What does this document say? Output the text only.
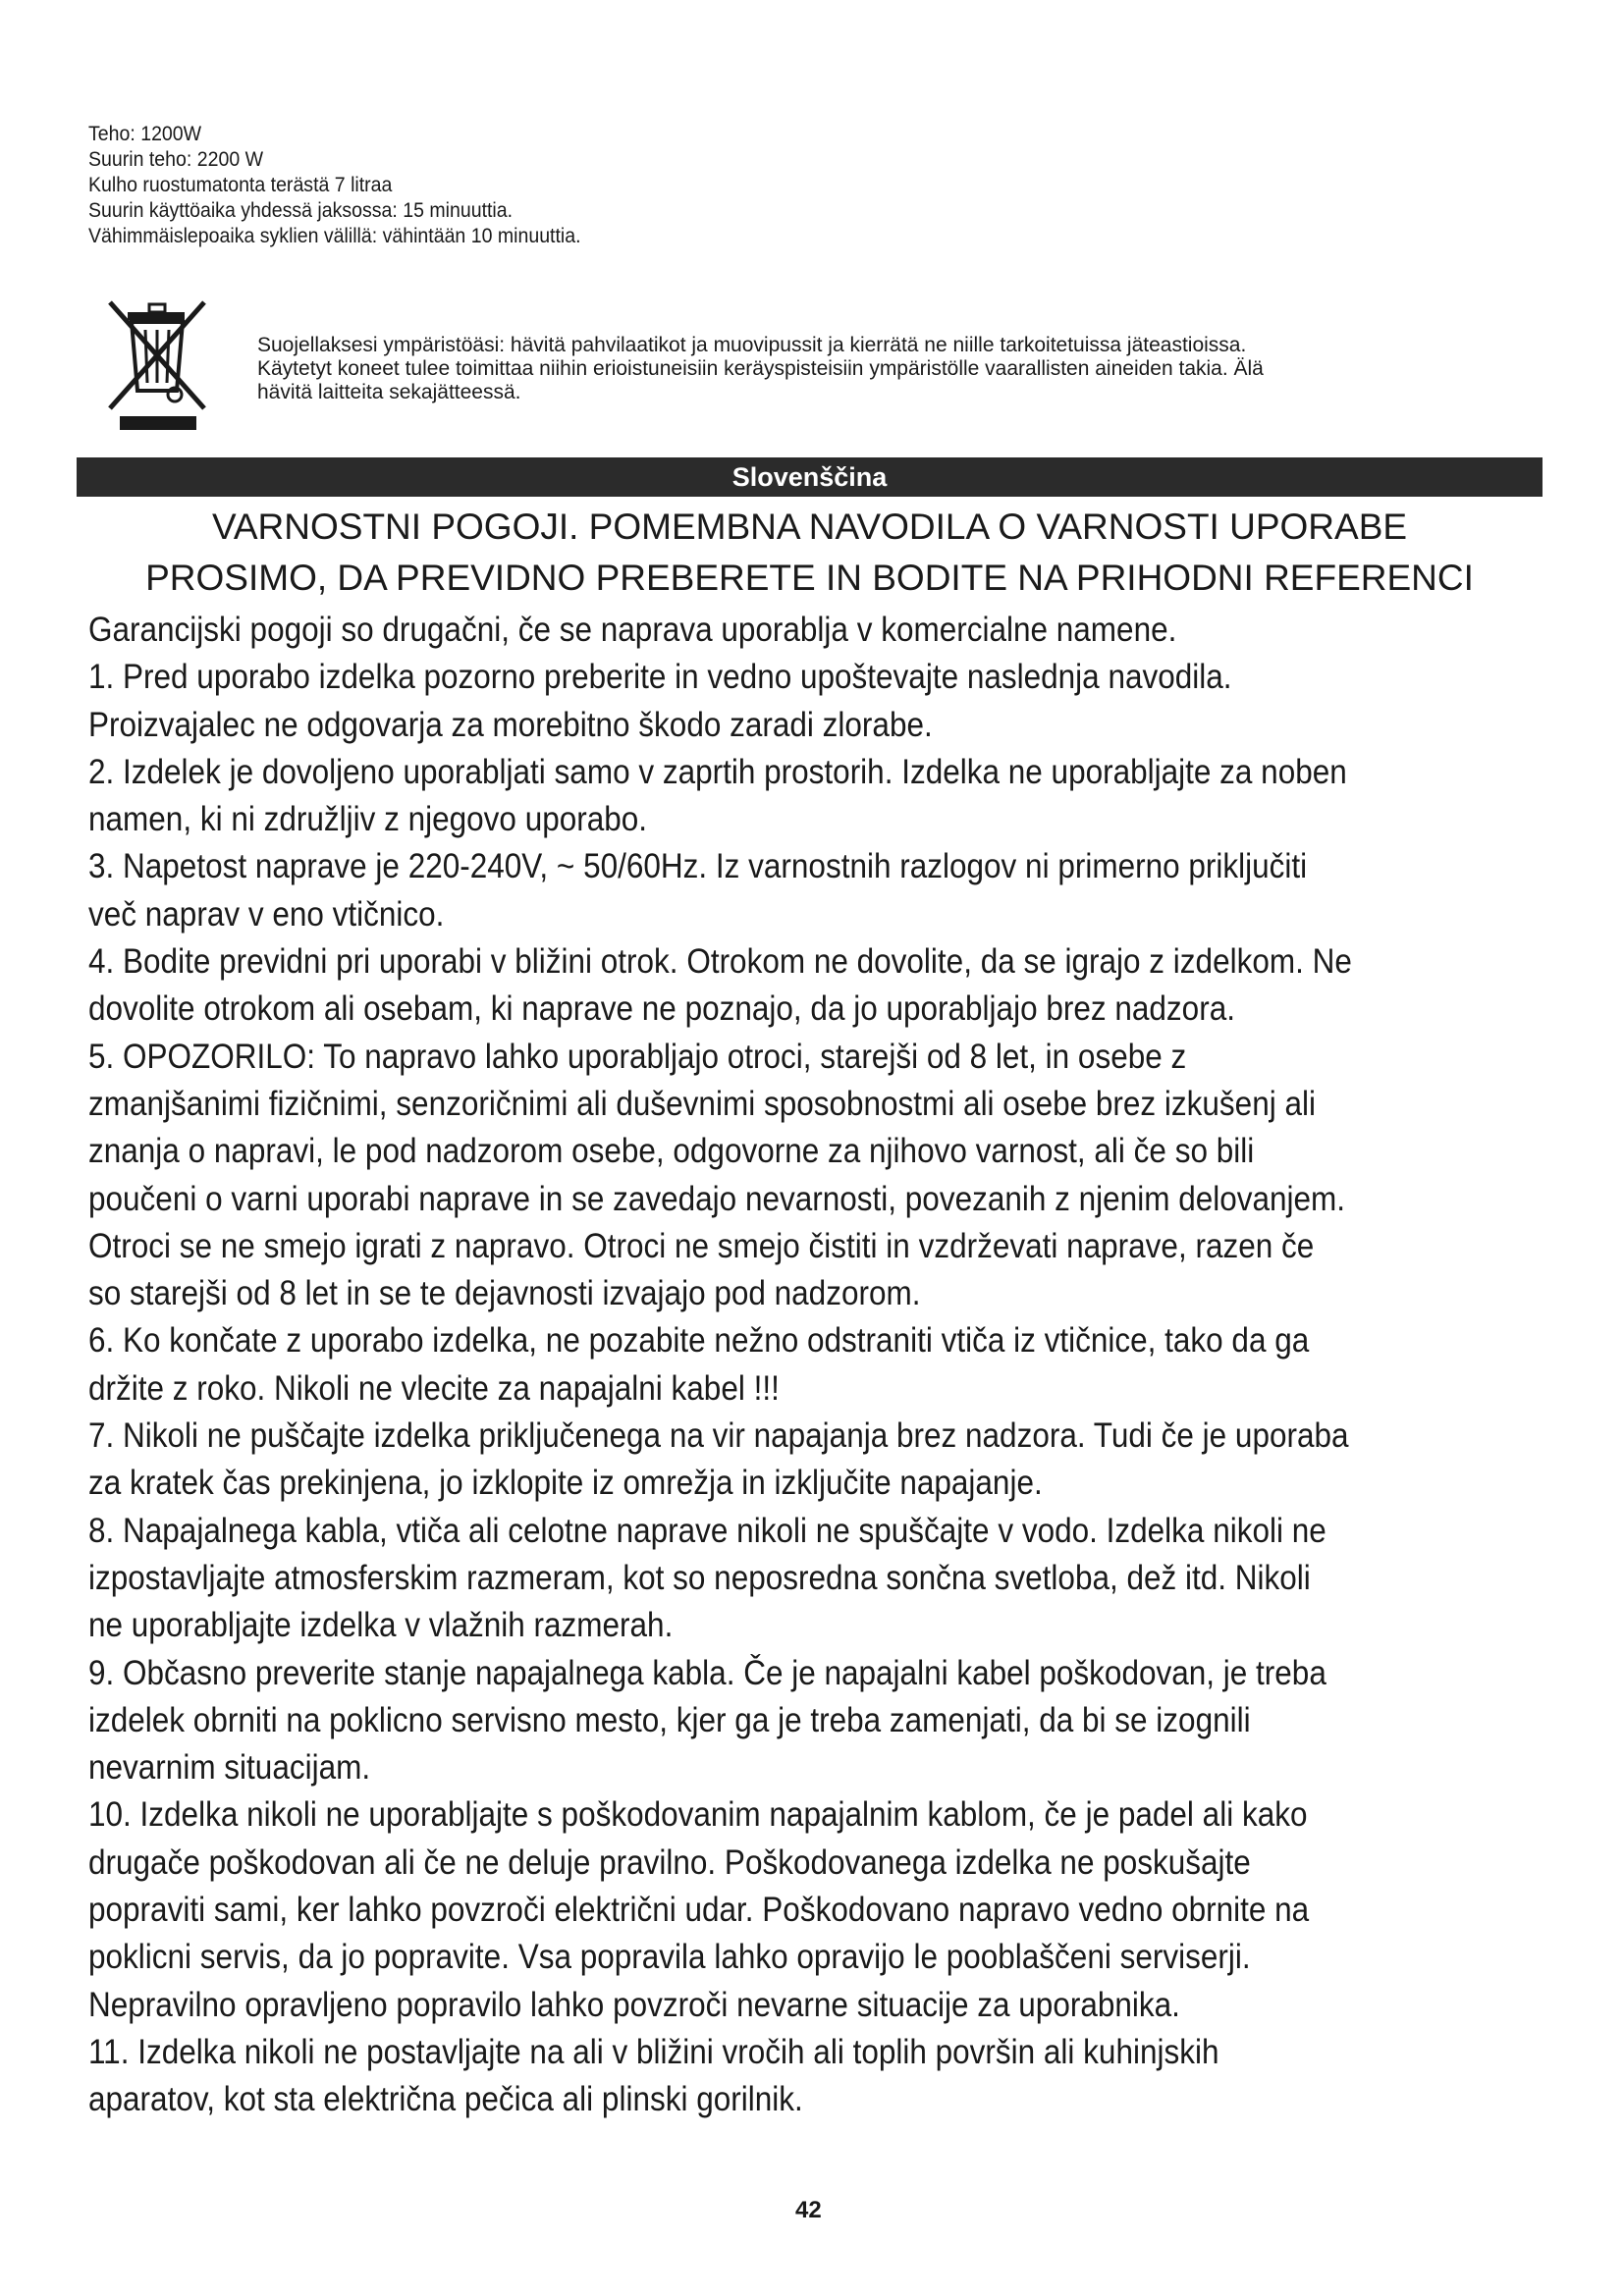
Teho: 1200W
Suurin teho: 2200 W
Kulho ruostumatonta terästä 7 litraa
Suurin käyttöaika yhdessä jaksossa: 15 minuuttia.
Vähimmäislepoaika syklien välillä: vähintään 10 minuuttia.
Suojellaksesi ympäristöäsi: hävitä pahvilaatikot ja muovipussit ja kierrätä ne niille tarkoitetuissa jäteastioissa.
Käytetyt koneet tulee toimittaa niihin erioistuneisiin keräyspisteisiin ympäristölle vaarallisten aineiden takia. Älä
hävitä laitteita sekajätteessä.
Slovenščina
VARNOSTNI POGOJI. POMEMBNA NAVODILA O VARNOSTI UPORABE
PROSIMO, DA PREVIDNO PREBERETE IN BODITE NA PRIHODNI REFERENCI
Garancijski pogoji so drugačni, če se naprava uporablja v komercialne namene.
1. Pred uporabo izdelka pozorno preberite in vedno upoštevajte naslednja navodila.
Proizvajalec ne odgovarja za morebitno škodo zaradi zlorabe.
2. Izdelek je dovoljeno uporabljati samo v zaprtih prostorih. Izdelka ne uporabljajte za noben
namen, ki ni združljiv z njegovo uporabo.
3. Napetost naprave je 220-240V, ~ 50/60Hz. Iz varnostnih razlogov ni primerno priključiti
več naprav v eno vtičnico.
4. Bodite previdni pri uporabi v bližini otrok. Otrokom ne dovolite, da se igrajo z izdelkom. Ne
dovolite otrokom ali osebam, ki naprave ne poznajo, da jo uporabljajo brez nadzora.
5. OPOZORILO: To napravo lahko uporabljajo otroci, starejši od 8 let, in osebe z
zmanjšanimi fizičnimi, senzoričnimi ali duševnimi sposobnostmi ali osebe brez izkušenj ali
znanja o napravi, le pod nadzorom osebe, odgovorne za njihovo varnost, ali če so bili
poučeni o varni uporabi naprave in se zavedajo nevarnosti, povezanih z njenim delovanjem.
Otroci se ne smejo igrati z napravo. Otroci ne smejo čistiti in vzdrževati naprave, razen če
so starejši od 8 let in se te dejavnosti izvajajo pod nadzorom.
6. Ko končate z uporabo izdelka, ne pozabite nežno odstraniti vtiča iz vtičnice, tako da ga
držite z roko. Nikoli ne vlecite za napajalni kabel !!!
7. Nikoli ne puščajte izdelka priključenega na vir napajanja brez nadzora. Tudi če je uporaba
za kratek čas prekinjena, jo izklopite iz omrežja in izključite napajanje.
8. Napajalnega kabla, vtiča ali celotne naprave nikoli ne spuščajte v vodo. Izdelka nikoli ne
izpostavljajte atmosferskim razmeram, kot so neposredna sončna svetloba, dež itd. Nikoli
ne uporabljajte izdelka v vlažnih razmerah.
9. Občasno preverite stanje napajalnega kabla. Če je napajalni kabel poškodovan, je treba
izdelek obrniti na poklicno servisno mesto, kjer ga je treba zamenjati, da bi se izognili
nevarnim situacijam.
10. Izdelka nikoli ne uporabljajte s poškodovanim napajalnim kablom, če je padel ali kako
drugače poškodovan ali če ne deluje pravilno. Poškodovanega izdelka ne poskušajte
popraviti sami, ker lahko povzroči električni udar. Poškodovano napravo vedno obrnite na
poklicni servis, da jo popravite. Vsa popravila lahko opravijo le pooblaščeni serviserji.
Nepravilno opravljeno popravilo lahko povzroči nevarne situacije za uporabnika.
11. Izdelka nikoli ne postavljajte na ali v bližini vročih ali toplih površin ali kuhinjskih
aparatov, kot sta električna pečica ali plinski gorilnik.
42
